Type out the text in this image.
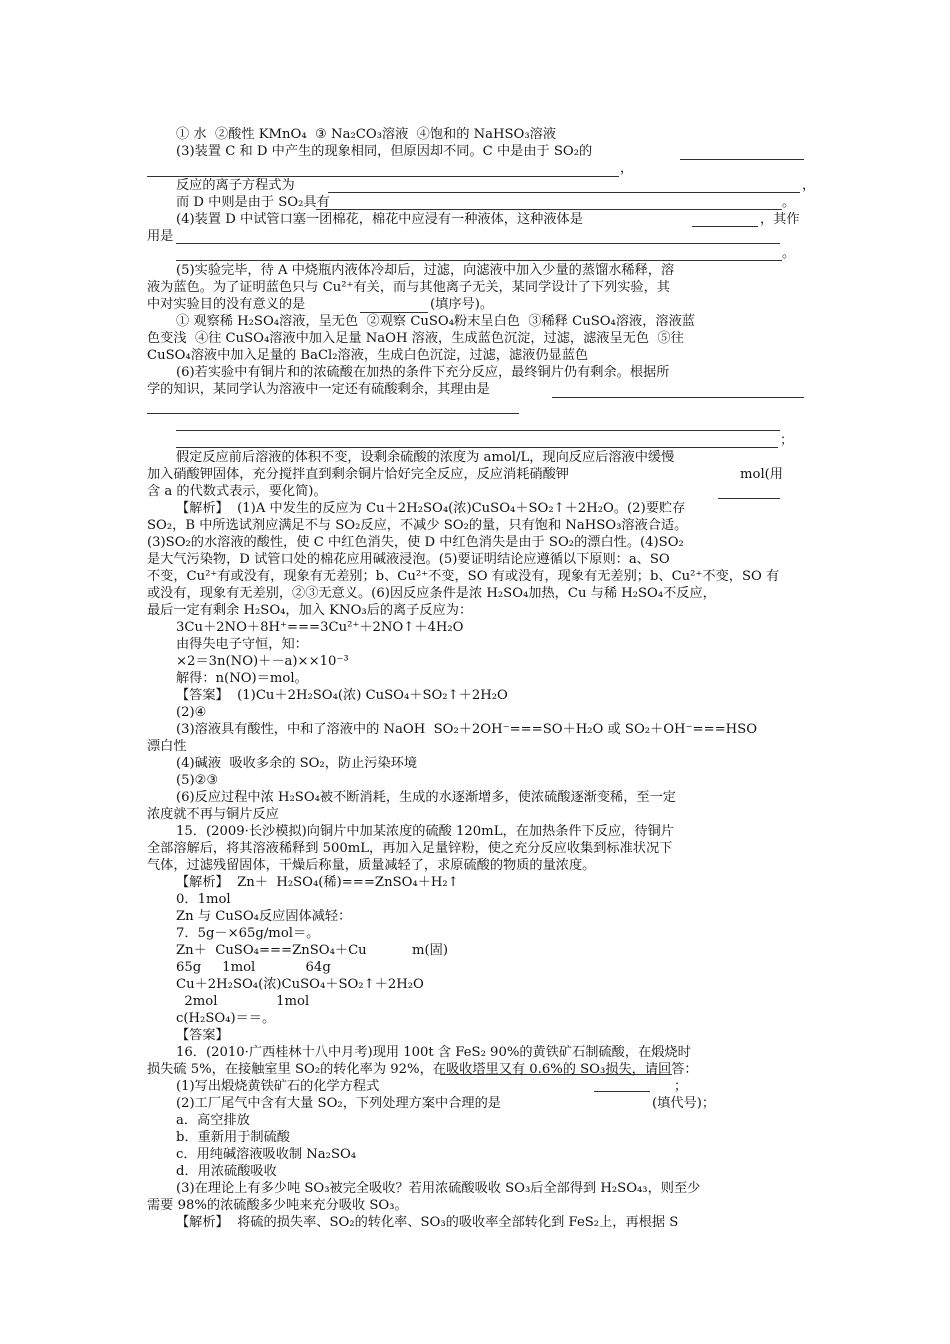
① 水  ②酸性 KMnO₄  ③ Na₂CO₃溶液  ④饱和的 NaHSO₃溶液
(3)装置 C 和 D 中产生的现象相同，但原因却不同。C 中是由于 SO₂的
，
反应的离子方程式为	，
而 D 中则是由于 SO₂具有	。
(4)装置 D 中试管口塞一团棉花，棉花中应浸有一种液体，这种液体是	，其作
用是
。
(5)实验完毕，待 A 中烧瓶内液体冷却后，过滤，向滤液中加入少量的蒸馏水稀释，溶
液为蓝色。为了证明蓝色只与 Cu²⁺有关，而与其他离子无关，某同学设计了下列实验，其
中对实验目的没有意义的是	(填序号)。
① 观察稀 H₂SO₄溶液，呈无色  ②观察 CuSO₄粉末呈白色  ③稀释 CuSO₄溶液，溶液蓝
色变浅  ④往 CuSO₄溶液中加入足量 NaOH 溶液，生成蓝色沉淀，过滤，滤液呈无色  ⑤往
CuSO₄溶液中加入足量的 BaCl₂溶液，生成白色沉淀，过滤，滤液仍显蓝色
(6)若实验中有铜片和的浓硫酸在加热的条件下充分反应，最终铜片仍有剩余。根据所
学的知识，某同学认为溶液中一定还有硫酸剩余，其理由是
；
假定反应前后溶液的体积不变，设剩余硫酸的浓度为 amol/L，现向反应后溶液中缓慢
加入硝酸钾固体，充分搅拌直到剩余铜片恰好完全反应，反应消耗硝酸钾	mol(用
含 a 的代数式表示，要化简)。
【解析】  (1)A 中发生的反应为 Cu＋2H₂SO₄(浓)CuSO₄＋SO₂↑＋2H₂O。(2)要贮存
SO₂，B 中所选试剂应满足不与 SO₂反应，不减少 SO₂的量，只有饱和 NaHSO₃溶液合适。
(3)SO₂的水溶液的酸性，使 C 中红色消失，使 D 中红色消失是由于 SO₂的漂白性。(4)SO₂
是大气污染物，D 试管口处的棉花应用碱液浸泡。(5)要证明结论应遵循以下原则：a、SO
不变，Cu²⁺有或没有，现象有无差别；b、Cu²⁺不变，SO 有或没有，现象有无差别；b、Cu²⁺不变，SO 有
或没有，现象有无差别，②③无意义。(6)因反应条件是浓 H₂SO₄加热，Cu 与稀 H₂SO₄不反应，
最后一定有剩余 H₂SO₄，加入 KNO₃后的离子反应为：
3Cu＋2NO＋8H⁺===3Cu²⁺＋2NO↑＋4H₂O
由得失电子守恒，知：
×2＝3n(NO)＋－a)××10⁻³
解得：n(NO)＝mol。
【答案】  (1)Cu＋2H₂SO₄(浓) CuSO₄＋SO₂↑＋2H₂O
(2)④
(3)溶液具有酸性，中和了溶液中的 NaOH  SO₂＋2OH⁻===SO＋H₂O 或 SO₂＋OH⁻===HSO
漂白性
(4)碱液  吸收多余的 SO₂，防止污染环境
(5)②③
(6)反应过程中浓 H₂SO₄被不断消耗，生成的水逐渐增多，使浓硫酸逐渐变稀，至一定
浓度就不再与铜片反应
15．(2009·长沙模拟)向铜片中加某浓度的硫酸 120mL，在加热条件下反应，待铜片
全部溶解后，将其溶液稀释到 500mL，再加入足量锌粉，使之充分反应收集到标准状况下
气体，过滤残留固体，干燥后称量，质量减轻了，求原硫酸的物质的量浓度。
【解析】  Zn＋  H₂SO₄(稀)===ZnSO₄＋H₂↑
0．1mol
Zn 与 CuSO₄反应固体减轻：
7．5g－×65g/mol＝。
Zn＋  CuSO₄===ZnSO₄＋Cu	m(固)
65g     1mol            64g
Cu＋2H₂SO₄(浓)CuSO₄＋SO₂↑＋2H₂O
2mol              1mol
c(H₂SO₄)＝＝。
【答案】
16．(2010·广西桂林十八中月考)现用 100t 含 FeS₂ 90%的黄铁矿石制硫酸，在煅烧时
损失硫 5%，在接触室里 SO₂的转化率为 92%，在吸收塔里又有 0.6%的 SO₃损失，请回答：
(1)写出煅烧黄铁矿石的化学方程式	；
(2)工厂尾气中含有大量 SO₂，下列处理方案中合理的是	(填代号)；
a．高空排放
b．重新用于制硫酸
c．用纯碱溶液吸收制 Na₂SO₄
d．用浓硫酸吸收
(3)在理论上有多少吨 SO₃被完全吸收？若用浓硫酸吸收 SO₃后全部得到 H₂SO₄₃，则至少
需要 98%的浓硫酸多少吨来充分吸收 SO₃。
【解析】  将硫的损失率、SO₂的转化率、SO₃的吸收率全部转化到 FeS₂上，再根据 S
